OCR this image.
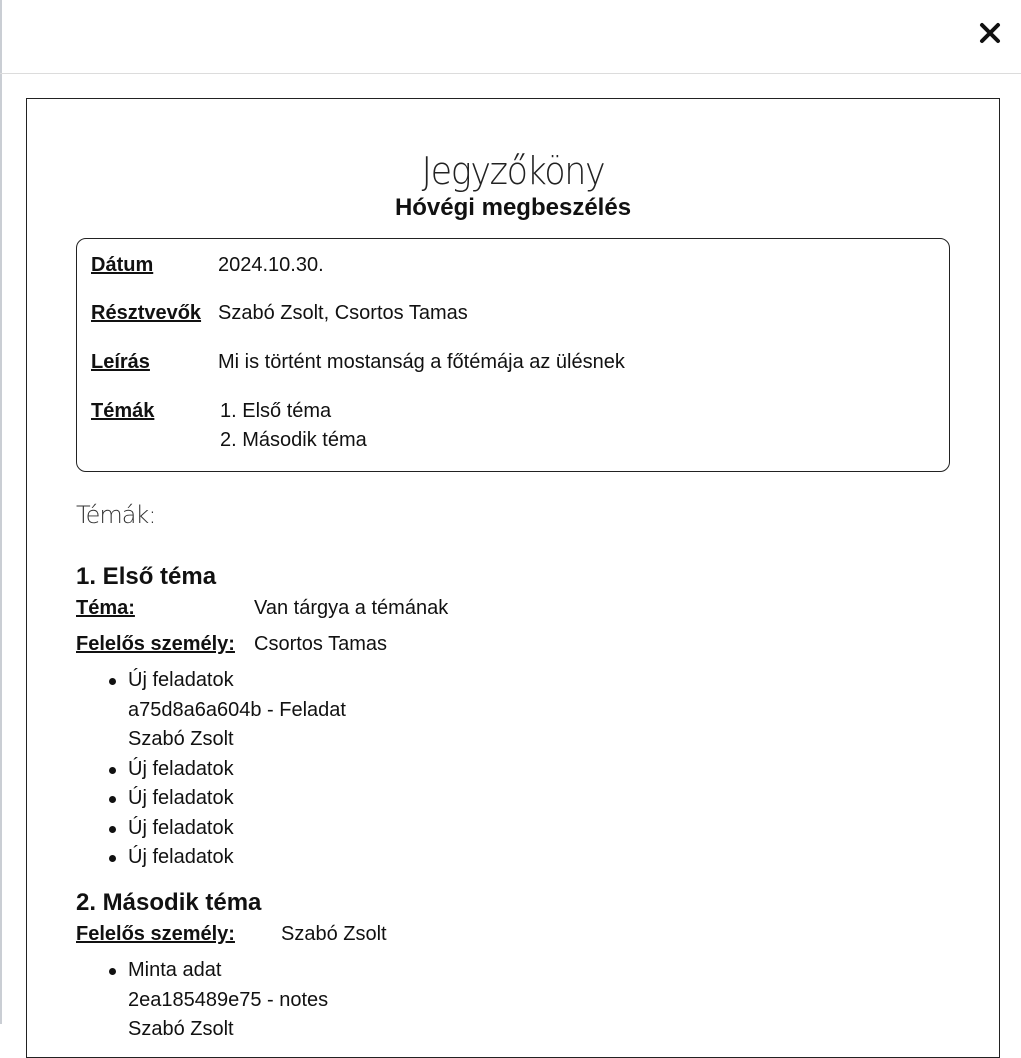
Jegyzőköny
Hóvégi megbeszélés
Dátum	2024.10.30.
Résztvevők Szabó Zsolt, Csortos Tamas
Leírás	Mi is történt mostanság a főtémája az ülésnek
Témák	1. Első téma
2. Második téma
Témák:
1. Első téma
Téma:	Van tárgya a témának
Felelős személy: Csortos Tamas
Új feladatok
a75d8a6a604b - Feladat
Szabó Zsolt
Új feladatok
Új feladatok
Új feladatok
Új feladatok
2. Második téma
Felelős személy: Szabó Zsolt
Minta adat
2ea185489e75 - notes
Szabó Zsolt
